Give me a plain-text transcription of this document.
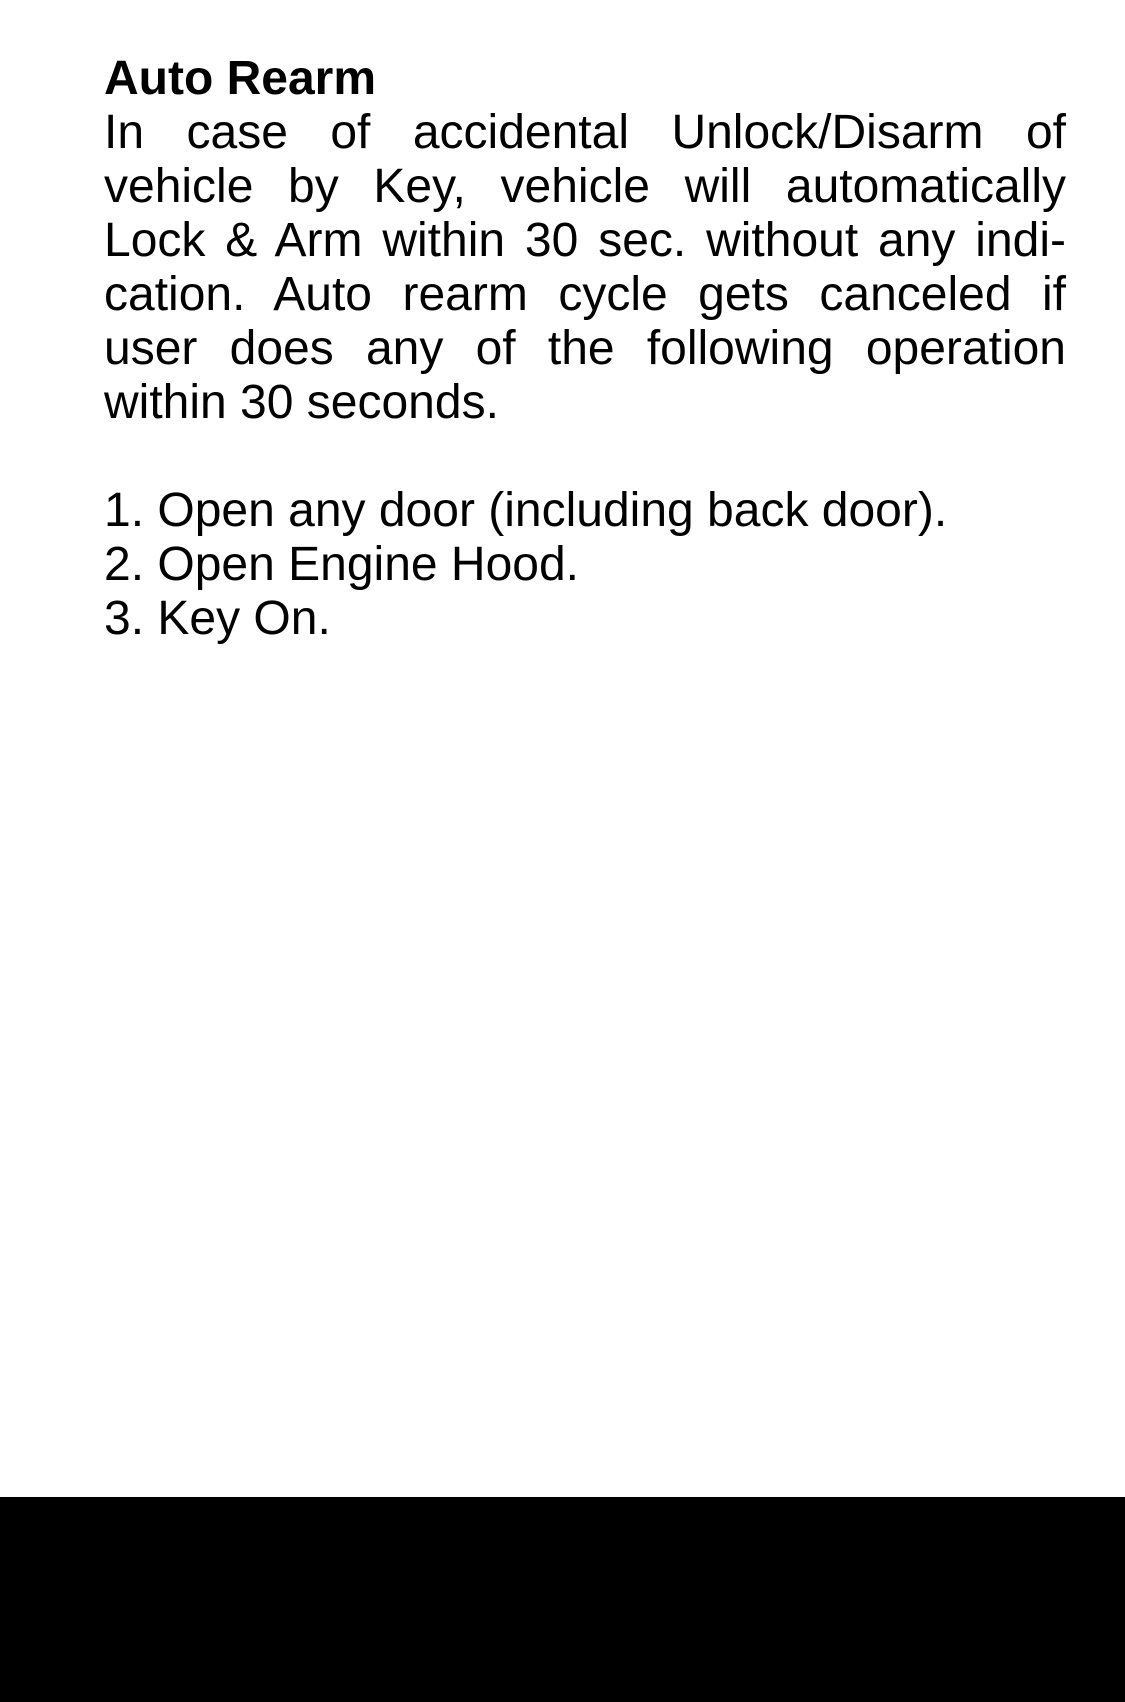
Auto Rearm

In case of accidental Unlock/Disarm of vehicle by Key, vehicle will automatically Lock & Arm within 30 sec. without any indication. Auto rearm cycle gets canceled if user does any of the following operation within 30 seconds.

1. Open any door (including back door).
2. Open Engine Hood.
3. Key On.
